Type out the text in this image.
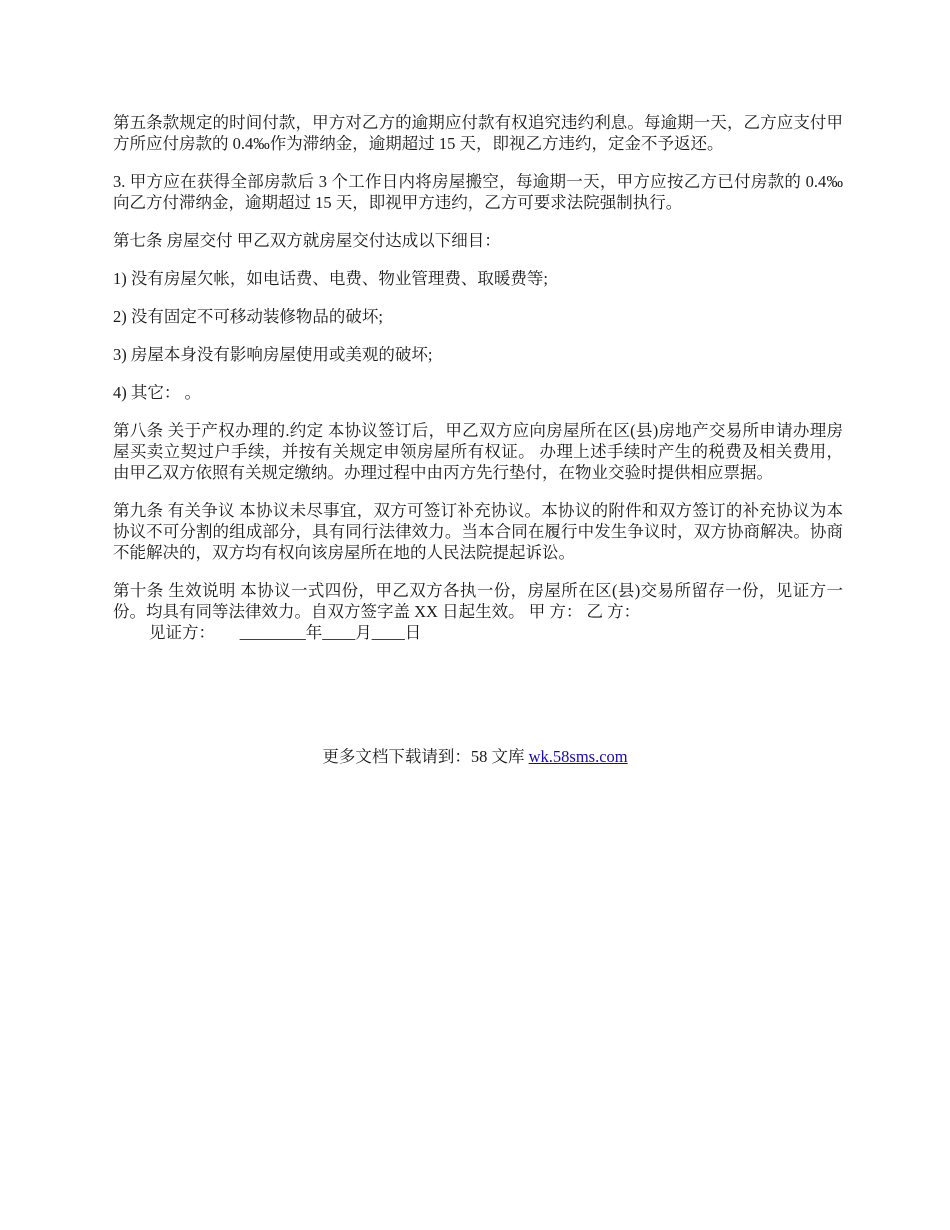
第五条款规定的时间付款，甲方对乙方的逾期应付款有权追究违约利息。每逾期一天，乙方应支付甲方所应付房款的 0.4‰作为滞纳金，逾期超过 15 天，即视乙方违约，定金不予返还。

3. 甲方应在获得全部房款后 3 个工作日内将房屋搬空，每逾期一天，甲方应按乙方已付房款的 0.4‰向乙方付滞纳金，逾期超过 15 天，即视甲方违约，乙方可要求法院强制执行。

第七条 房屋交付 甲乙双方就房屋交付达成以下细目：

1) 没有房屋欠帐，如电话费、电费、物业管理费、取暖费等;

2) 没有固定不可移动装修物品的破坏;

3) 房屋本身没有影响房屋使用或美观的破坏;

4) 其它： 。

第八条 关于产权办理的.约定 本协议签订后，甲乙双方应向房屋所在区(县)房地产交易所申请办理房屋买卖立契过户手续，并按有关规定申领房屋所有权证。 办理上述手续时产生的税费及相关费用，由甲乙双方依照有关规定缴纳。办理过程中由丙方先行垫付，在物业交验时提供相应票据。

第九条 有关争议 本协议未尽事宜，双方可签订补充协议。本协议的附件和双方签订的补充协议为本协议不可分割的组成部分，具有同行法律效力。当本合同在履行中发生争议时，双方协商解决。协商不能解决的，双方均有权向该房屋所在地的人民法院提起诉讼。

第十条 生效说明 本协议一式四份，甲乙双方各执一份，房屋所在区(县)交易所留存一份，见证方一份。均具有同等法律效力。自双方签字盖 XX 日起生效。 甲 方： 乙 方：
见证方：      ________年____月____日

更多文档下载请到：58 文库 wk.58sms.com
